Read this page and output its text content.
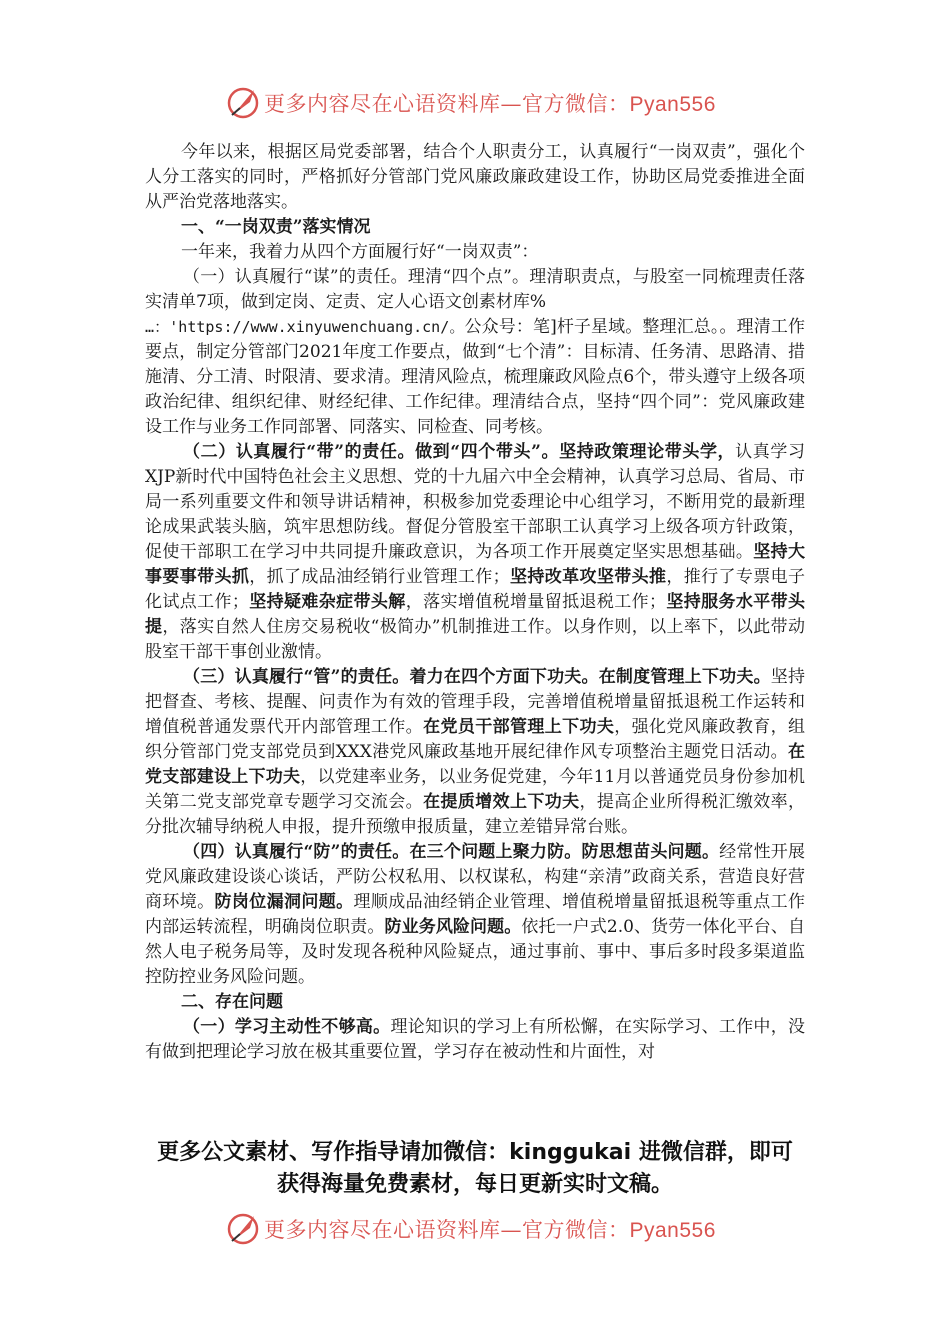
更多内容尽在心语资料库—官方微信：Pyan556

今年以来，根据区局党委部署，结合个人职责分工，认真履行“一岗双责”，强化个人分工落实的同时，严格抓好分管部门党风廉政廉政建设工作，协助区局党委推进全面从严治党落地落实。

一、“一岗双责”落实情况

一年来，我着力从四个方面履行好“一岗双责”：

（一）认真履行“谋”的责任。理清“四个点”。理清职责点，与股室一同梳理责任落实清单7项，做到定岗、定责、定人心语文创素材库%
…：'https://www.xinyuwenchuang.cn/。公众号：笔]杆子星域。整理汇总。。理清工作要点，制定分管部门2021年度工作要点，做到“七个清”：目标清、任务清、思路清、措施清、分工清、时限清、要求清。理清风险点，梳理廉政风险点6个，带头遵守上级各项政治纪律、组织纪律、财经纪律、工作纪律。理清结合点，坚持“四个同”：党风廉政建设工作与业务工作同部署、同落实、同检查、同考核。

（二）认真履行“带”的责任。做到“四个带头”。坚持政策理论带头学，认真学习XJP新时代中国特色社会主义思想、党的十九届六中全会精神，认真学习总局、省局、市局一系列重要文件和领导讲话精神，积极参加党委理论中心组学习，不断用党的最新理论成果武装头脑，筑牢思想防线。督促分管股室干部职工认真学习上级各项方针政策，促使干部职工在学习中共同提升廉政意识，为各项工作开展奠定坚实思想基础。坚持大事要事带头抓，抓了成品油经销行业管理工作；坚持改革攻坚带头推，推行了专票电子化试点工作；坚持疑难杂症带头解，落实增值税增量留抵退税工作；坚持服务水平带头提，落实自然人住房交易税收“极简办”机制推进工作。以身作则，以上率下，以此带动股室干部干事创业激情。

（三）认真履行“管”的责任。着力在四个方面下功夫。在制度管理上下功夫。坚持把督查、考核、提醒、问责作为有效的管理手段，完善增值税增量留抵退税工作运转和增值税普通发票代开内部管理工作。在党员干部管理上下功夫，强化党风廉政教育，组织分管部门党支部党员到XXX港党风廉政基地开展纪律作风专项整治主题党日活动。在党支部建设上下功夫，以党建率业务，以业务促党建，今年11月以普通党员身份参加机关第二党支部党章专题学习交流会。在提质增效上下功夫，提高企业所得税汇缴效率，分批次辅导纳税人申报，提升预缴申报质量，建立差错异常台账。

（四）认真履行“防”的责任。在三个问题上聚力防。防思想苗头问题。经常性开展党风廉政建设谈心谈话，严防公权私用、以权谋私，构建“亲清”政商关系，营造良好营商环境。防岗位漏洞问题。理顺成品油经销企业管理、增值税增量留抵退税等重点工作内部运转流程，明确岗位职责。防业务风险问题。依托一户式2.0、货劳一体化平台、自然人电子税务局等，及时发现各税种风险疑点，通过事前、事中、事后多时段多渠道监控防控业务风险问题。

二、存在问题

（一）学习主动性不够高。理论知识的学习上有所松懈，在实际学习、工作中，没有做到把理论学习放在极其重要位置，学习存在被动性和片面性，对

更多公文素材、写作指导请加微信：kinggukai 进微信群，即可
获得海量免费素材，每日更新实时文稿。
更多内容尽在心语资料库—官方微信：Pyan556
